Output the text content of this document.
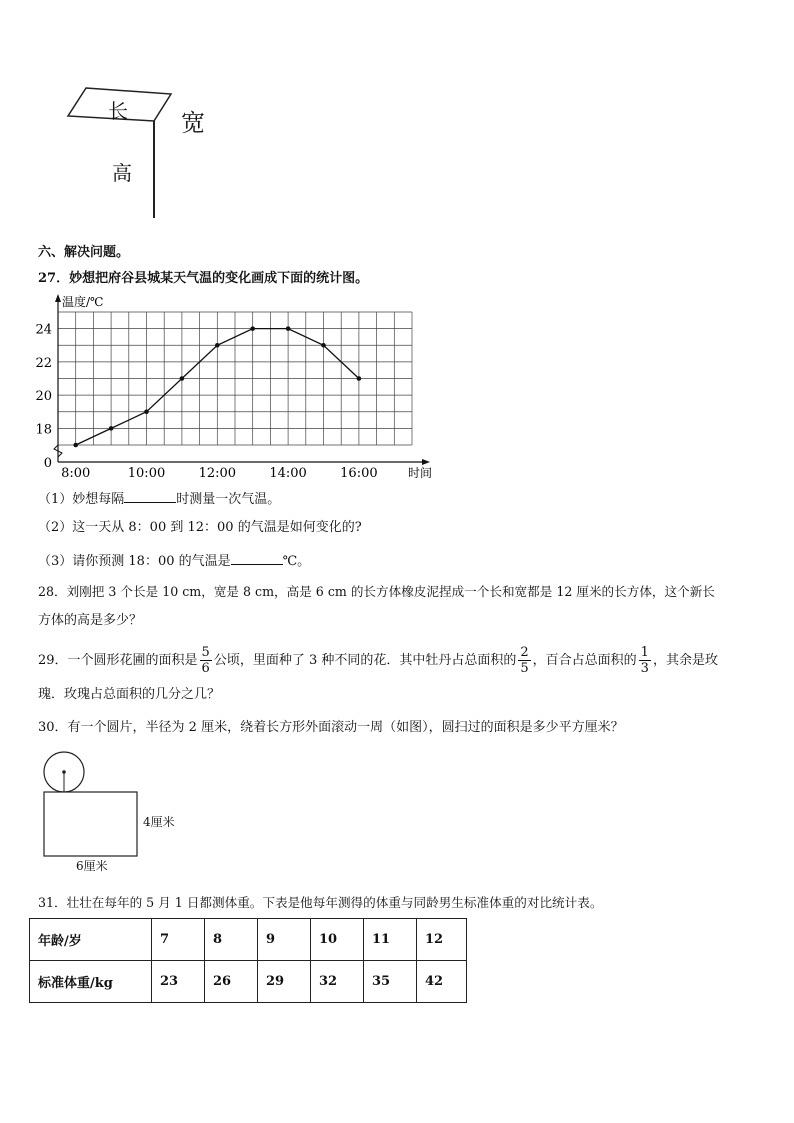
长 宽
高
六、解决问题。
27．妙想把府谷县城某天气温的变化画成下面的统计图。
0
18
20
22
24
8:00	10:00	12:00	14:00	16:00
温度/℃
时间
（1）妙想每隔	时测量一次气温。
（2）这一天从 8：00 到 12：00 的气温是如何变化的?
（3）请你预测 18：00 的气温是	℃。
28．刘刚把 3 个长是 10 cm，宽是 8 cm，高是 6 cm 的长方体橡皮泥捏成一个长和宽都是 12 厘米的长方体，这个新长
方体的高是多少？
29．一个圆形花圃的面积是 $\frac{5}{6}$ 公顷，里面种了 3 种不同的花．其中牡丹占总面积的 $\frac{2}{5}$ ，百合占总面积的 $\frac{1}{3}$ ，其余是玫
瑰．玫瑰占总面积的几分之几？
30．有一个圆片，半径为 2 厘米，绕着长方形外面滚动一周（如图），圆扫过的面积是多少平方厘米？
4厘米
6厘米
31．壮壮在每年的 5 月 1 日都测体重。下表是他每年测得的体重与同龄男生标准体重的对比统计表。
年龄/岁	7	8	9	10	11	12
标准体重/kg	23	26	29	32	35	42
